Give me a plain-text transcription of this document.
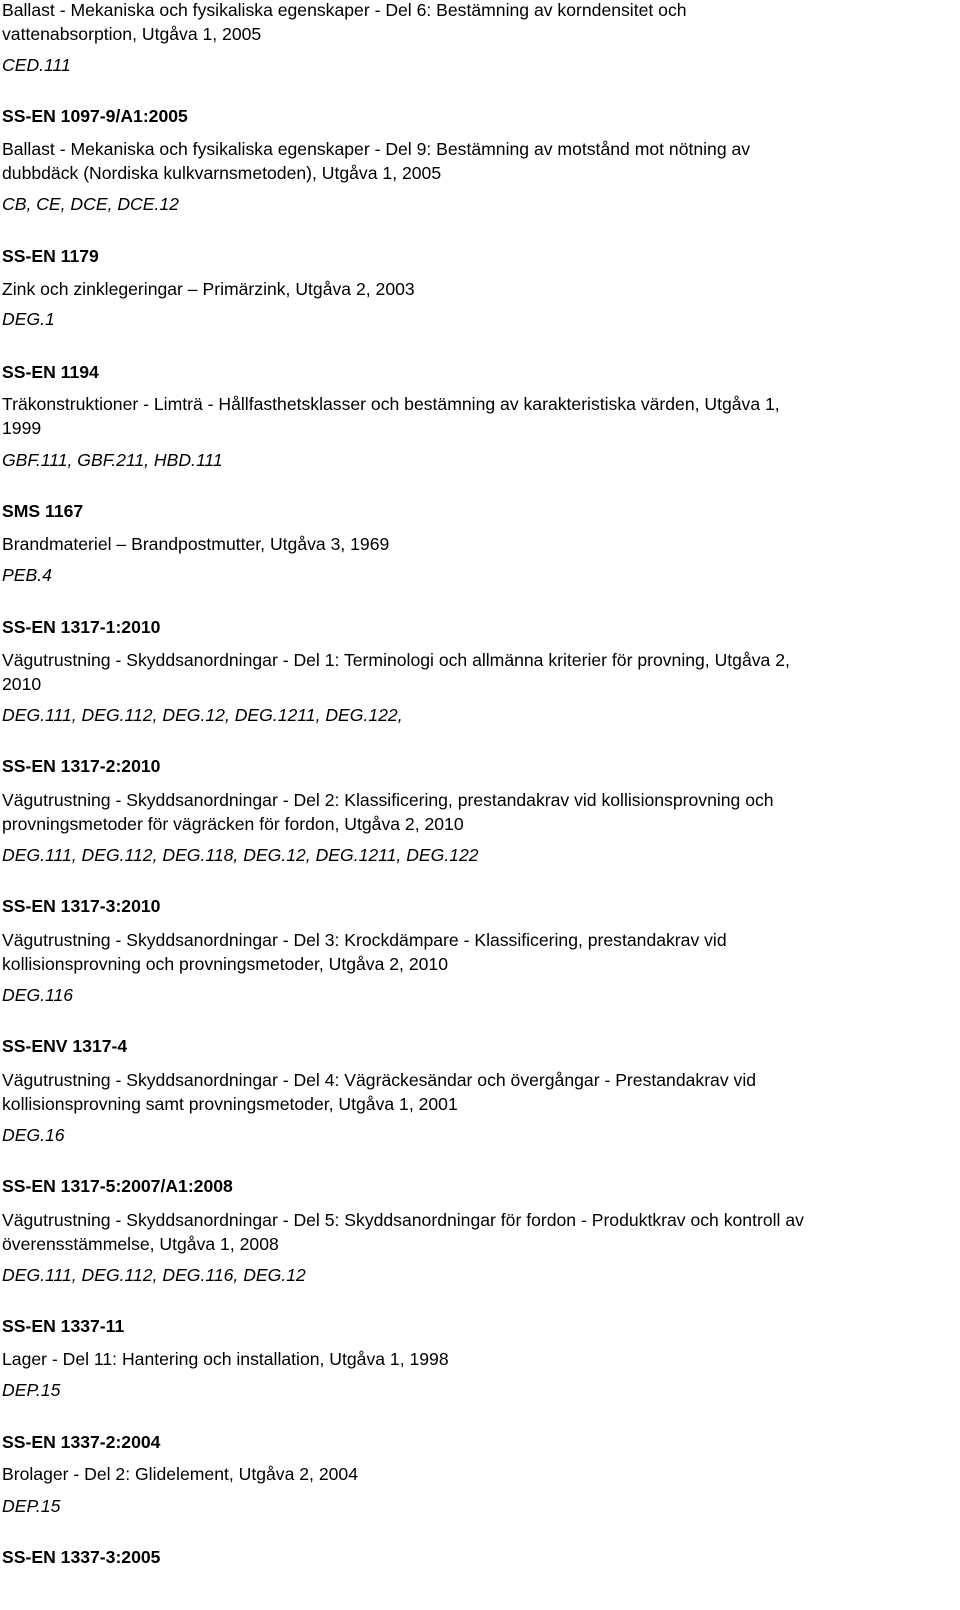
Ballast - Mekaniska och fysikaliska egenskaper - Del 6: Bestämning av korndensitet och
vattenabsorption, Utgåva 1, 2005
CED.111
SS-EN 1097-9/A1:2005
Ballast - Mekaniska och fysikaliska egenskaper - Del 9: Bestämning av motstånd mot nötning av
dubbdäck (Nordiska kulkvarnsmetoden), Utgåva 1, 2005
CB, CE, DCE, DCE.12
SS-EN 1179
Zink och zinklegeringar – Primärzink, Utgåva 2, 2003
DEG.1
SS-EN 1194
Träkonstruktioner - Limträ - Hållfasthetsklasser och bestämning av karakteristiska värden, Utgåva 1,
1999
GBF.111, GBF.211, HBD.111
SMS 1167
Brandmateriel – Brandpostmutter, Utgåva 3, 1969
PEB.4
SS-EN 1317-1:2010
Vägutrustning - Skyddsanordningar - Del 1: Terminologi och allmänna kriterier för provning, Utgåva 2,
2010
DEG.111, DEG.112, DEG.12, DEG.1211, DEG.122,
SS-EN 1317-2:2010
Vägutrustning - Skyddsanordningar - Del 2: Klassificering, prestandakrav vid kollisionsprovning och
provningsmetoder för vägräcken för fordon, Utgåva 2, 2010
DEG.111, DEG.112, DEG.118, DEG.12, DEG.1211, DEG.122
SS-EN 1317-3:2010
Vägutrustning - Skyddsanordningar - Del 3: Krockdämpare - Klassificering, prestandakrav vid
kollisionsprovning och provningsmetoder, Utgåva 2, 2010
DEG.116
SS-ENV 1317-4
Vägutrustning - Skyddsanordningar - Del 4: Vägräckesändar och övergångar - Prestandakrav vid
kollisionsprovning samt provningsmetoder, Utgåva 1, 2001
DEG.16
SS-EN 1317-5:2007/A1:2008
Vägutrustning - Skyddsanordningar - Del 5: Skyddsanordningar för fordon - Produktkrav och kontroll av
överensstämmelse, Utgåva 1, 2008
DEG.111, DEG.112, DEG.116, DEG.12
SS-EN 1337-11
Lager - Del 11: Hantering och installation, Utgåva 1, 1998
DEP.15
SS-EN 1337-2:2004
Brolager - Del 2: Glidelement, Utgåva 2, 2004
DEP.15
SS-EN 1337-3:2005
